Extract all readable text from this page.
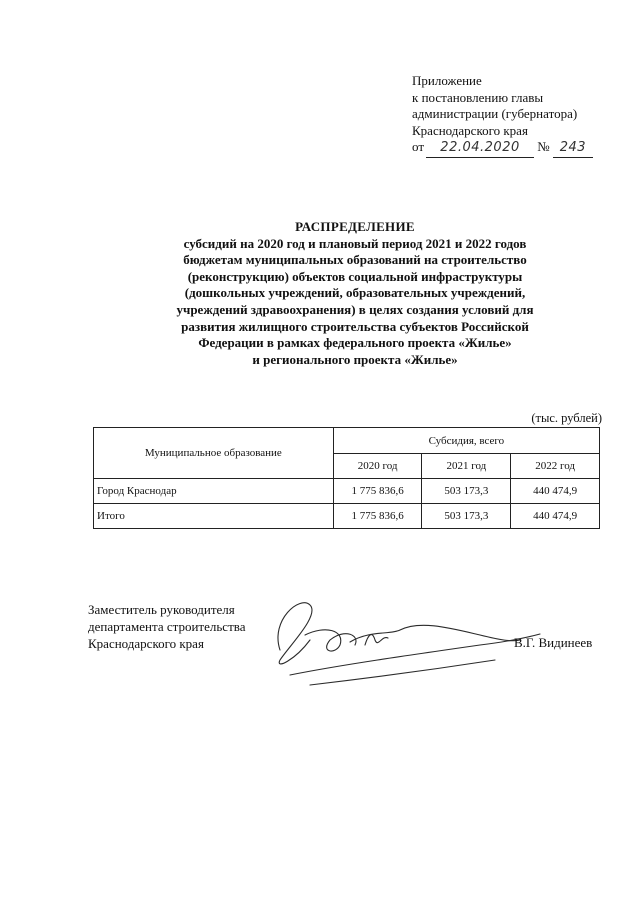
Приложение
к постановлению главы
администрации (губернатора)
Краснодарского края
от 22.04.2020 № 243
РАСПРЕДЕЛЕНИЕ
субсидий на 2020 год и плановый период 2021 и 2022 годов
бюджетам муниципальных образований на строительство
(реконструкцию) объектов социальной инфраструктуры
(дошкольных учреждений, образовательных учреждений,
учреждений здравоохранения) в целях создания условий для
развития жилищного строительства субъектов Российской
Федерации в рамках федерального проекта «Жилье»
и регионального проекта «Жилье»
(тыс. рублей)
Муниципальное образование	Субсидия, всего		
	2020 год	2021 год	2022 год
Город Краснодар	1 775 836,6	503 173,3	440 474,9
Итого	1 775 836,6	503 173,3	440 474,9
Заместитель руководителя
департамента строительства
Краснодарского края	В.Г. Видинеев
